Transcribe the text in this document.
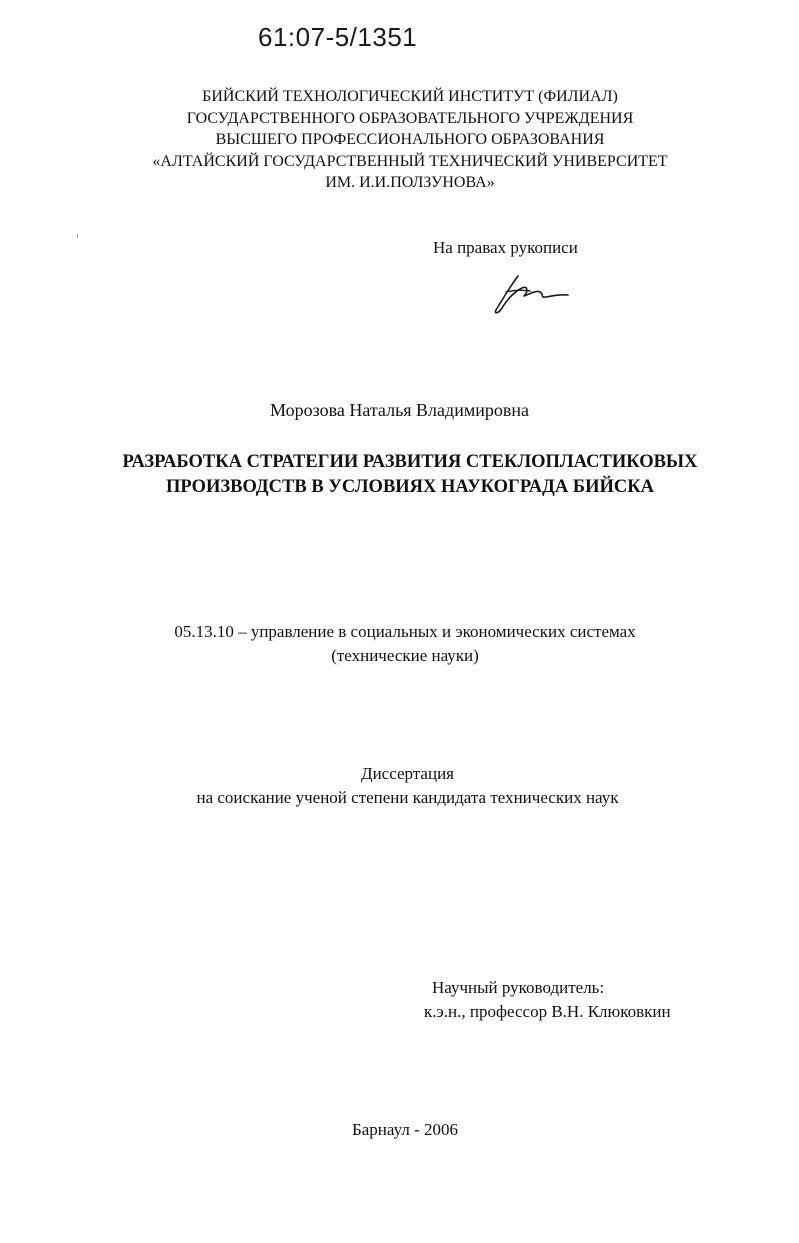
61:07-5/1351
БИЙСКИЙ ТЕХНОЛОГИЧЕСКИЙ ИНСТИТУТ (ФИЛИАЛ)
ГОСУДАРСТВЕННОГО ОБРАЗОВАТЕЛЬНОГО УЧРЕЖДЕНИЯ
ВЫСШЕГО ПРОФЕССИОНАЛЬНОГО ОБРАЗОВАНИЯ
«АЛТАЙСКИЙ ГОСУДАРСТВЕННЫЙ ТЕХНИЧЕСКИЙ УНИВЕРСИТЕТ
ИМ. И.И.ПОЛЗУНОВА»
На правах рукописи
Морозова Наталья Владимировна
РАЗРАБОТКА СТРАТЕГИИ РАЗВИТИЯ СТЕКЛОПЛАСТИКОВЫХ
ПРОИЗВОДСТВ В УСЛОВИЯХ НАУКОГРАДА БИЙСКА
05.13.10 – управление в социальных и экономических системах
(технические науки)
Диссертация
на соискание ученой степени кандидата технических наук
Научный руководитель:
к.э.н., профессор В.Н. Клюковкин
Барнаул - 2006
